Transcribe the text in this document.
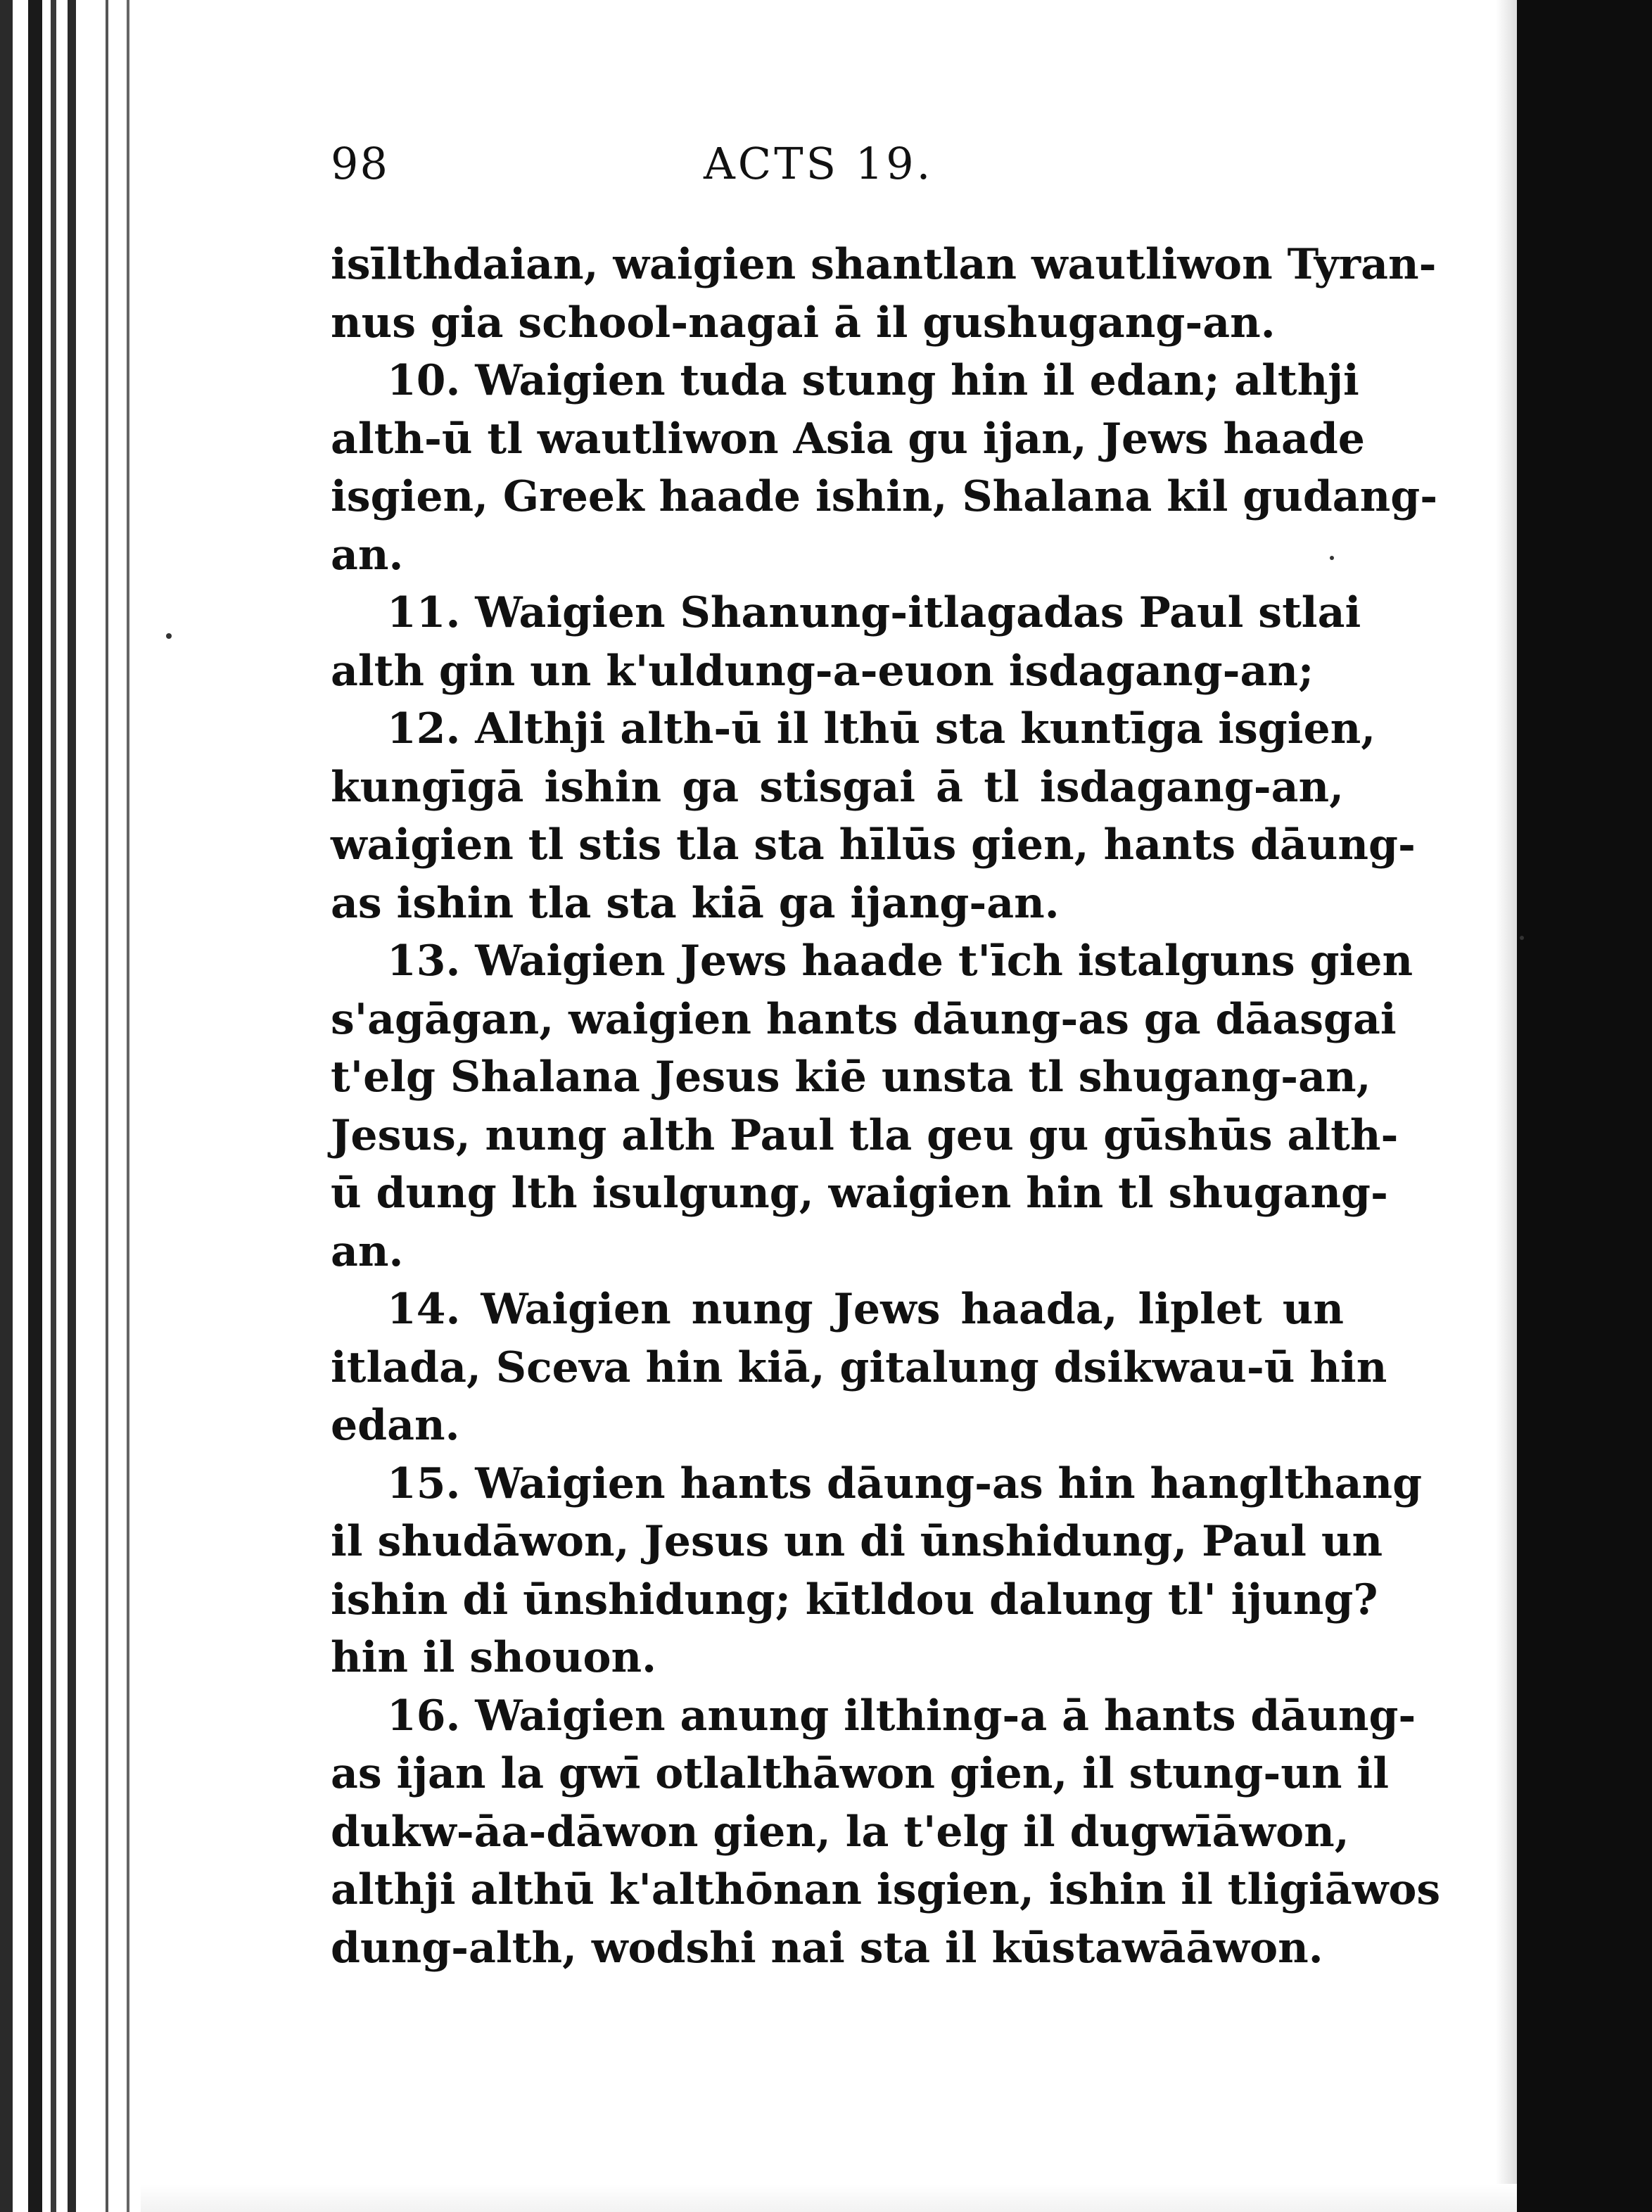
98	ACTS 19.
isīlthdaian, waigien shantlan wautliwon Tyran-
nus gia school-nagai ā il gushugang-an.
10. Waigien tuda stung hin il edan; althji
alth-ū tl wautliwon Asia gu ijan, Jews haade
isgien, Greek haade ishin, Shalana kil gudang-
an.
11. Waigien Shanung-itlagadas Paul stlai
alth gin un k'uldung-a-euon isdagang-an;
12. Althji alth-ū il lthū sta kuntīga isgien,
kungīgā ishin ga stisgai ā tl isdagang-an,
waigien tl stis tla sta hīlūs gien, hants dāung-
as ishin tla sta kiā ga ijang-an.
13. Waigien Jews haade t'īch istalguns gien
s'agāgan, waigien hants dāung-as ga dāasgai
t'elg Shalana Jesus kiē unsta tl shugang-an,
Jesus, nung alth Paul tla geu gu gūshūs alth-
ū dung lth isulgung, waigien hin tl shugang-
an.
14. Waigien nung Jews haada, liplet un
itlada, Sceva hin kiā, gitalung dsikwau-ū hin
edan.
15. Waigien hants dāung-as hin hanglthang
il shudāwon, Jesus un di ūnshidung, Paul un
ishin di ūnshidung; kītldou dalung tl' ijung?
hin il shouon.
16. Waigien anung ilthing-a ā hants dāung-
as ijan la gwī otlalthāwon gien, il stung-un il
dukw-āa-dāwon gien, la t'elg il dugwīāwon,
althji althū k'althōnan isgien, ishin il tligiāwos
dung-alth, wodshi nai sta il kūstawāāwon.
